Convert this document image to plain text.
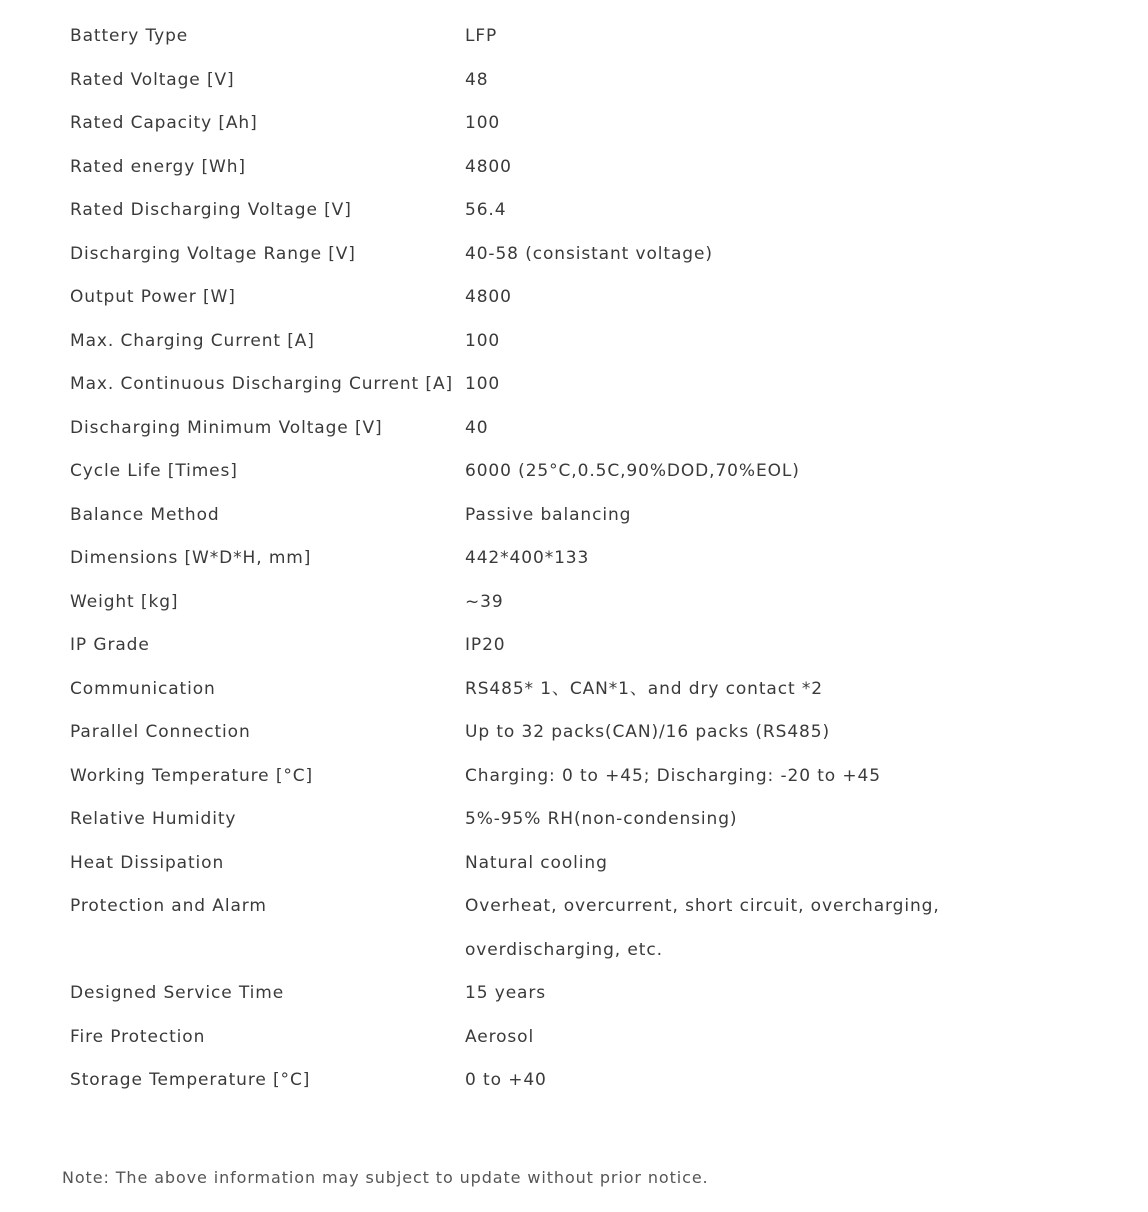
Battery Type	LFP
Rated Voltage [V]	48
Rated Capacity [Ah]	100
Rated energy [Wh]	4800
Rated Discharging Voltage [V]	56.4
Discharging Voltage Range [V]	40-58 (consistant voltage)
Output Power [W]	4800
Max. Charging Current [A]	100
Max. Continuous Discharging Current [A]	100
Discharging Minimum Voltage [V]	40
Cycle Life [Times]	6000 (25°C,0.5C,90%DOD,70%EOL)
Balance Method	Passive balancing
Dimensions [W*D*H, mm]	442*400*133
Weight [kg]	~39
IP Grade	IP20
Communication	RS485* 1、CAN*1、and dry contact *2
Parallel Connection	Up to 32 packs(CAN)/16 packs (RS485)
Working Temperature [°C]	Charging: 0 to +45; Discharging: -20 to +45
Relative Humidity	5%-95% RH(non-condensing)
Heat Dissipation	Natural cooling
Protection and Alarm	Overheat, overcurrent, short circuit, overcharging, overdischarging, etc.
Designed Service Time	15 years
Fire Protection	Aerosol
Storage Temperature [°C]	0 to +40
Note: The above information may subject to update without prior notice.
